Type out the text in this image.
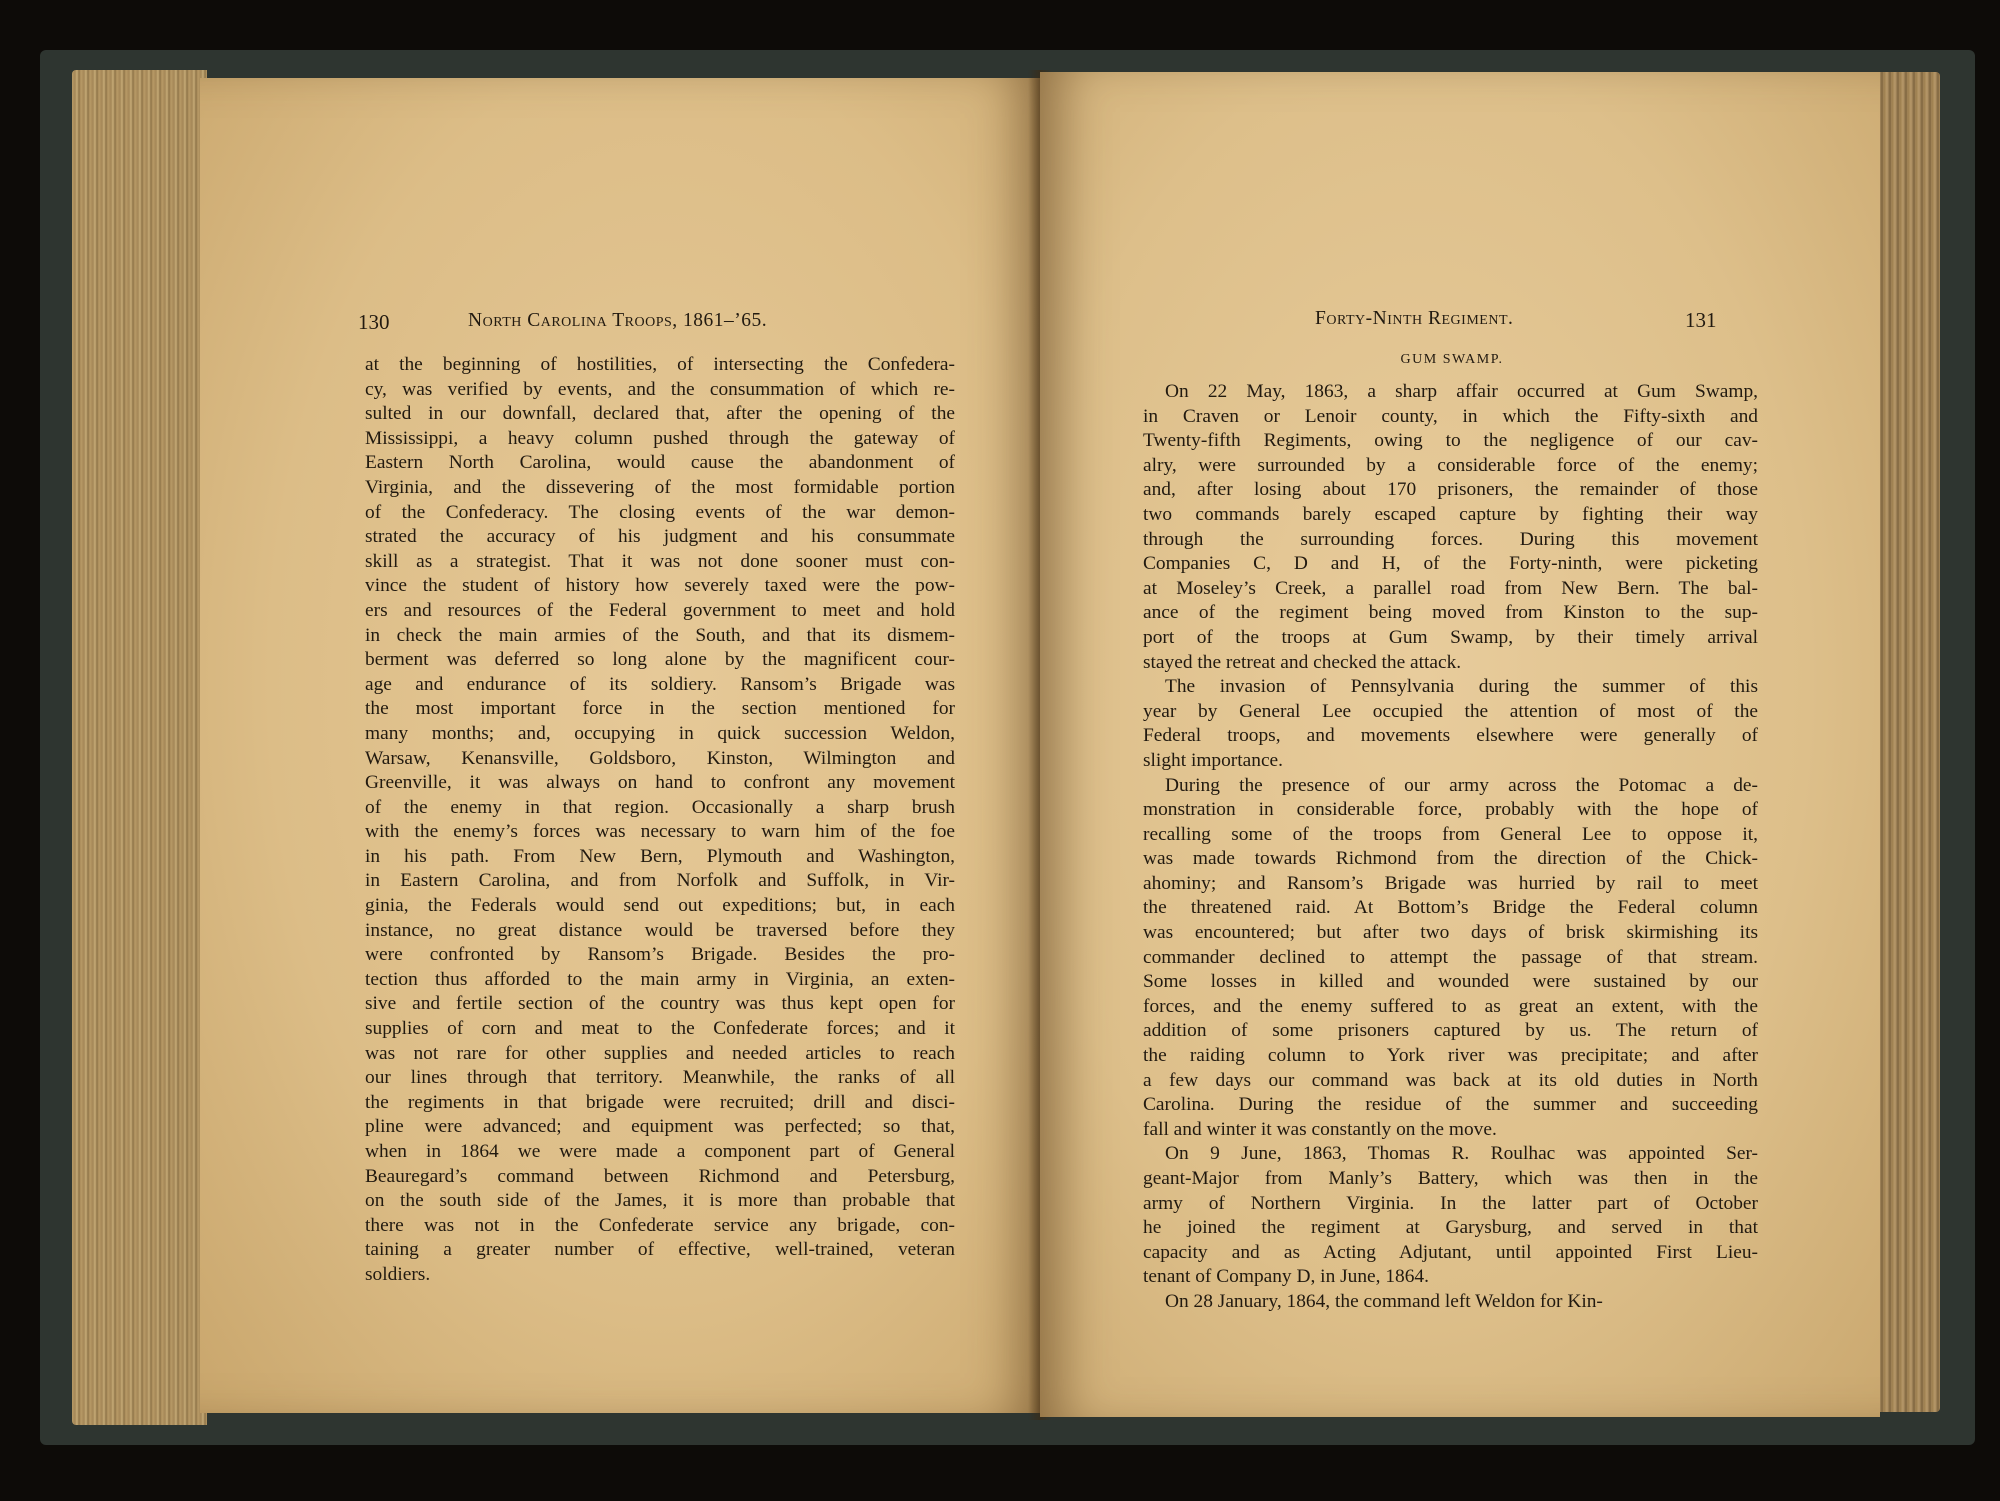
130	North Carolina Troops, 1861–’65.
at the beginning of hostilities, of intersecting the Confedera-
cy, was verified by events, and the consummation of which re-
sulted in our downfall, declared that, after the opening of the
Mississippi, a heavy column pushed through the gateway of
Eastern North Carolina, would cause the abandonment of
Virginia, and the dissevering of the most formidable portion
of the Confederacy. The closing events of the war demon-
strated the accuracy of his judgment and his consummate
skill as a strategist. That it was not done sooner must con-
vince the student of history how severely taxed were the pow-
ers and resources of the Federal government to meet and hold
in check the main armies of the South, and that its dismem-
berment was deferred so long alone by the magnificent cour-
age and endurance of its soldiery. Ransom’s Brigade was
the most important force in the section mentioned for
many months; and, occupying in quick succession Weldon,
Warsaw, Kenansville, Goldsboro, Kinston, Wilmington and
Greenville, it was always on hand to confront any movement
of the enemy in that region. Occasionally a sharp brush
with the enemy’s forces was necessary to warn him of the foe
in his path. From New Bern, Plymouth and Washington,
in Eastern Carolina, and from Norfolk and Suffolk, in Vir-
ginia, the Federals would send out expeditions; but, in each
instance, no great distance would be traversed before they
were confronted by Ransom’s Brigade. Besides the pro-
tection thus afforded to the main army in Virginia, an exten-
sive and fertile section of the country was thus kept open for
supplies of corn and meat to the Confederate forces; and it
was not rare for other supplies and needed articles to reach
our lines through that territory. Meanwhile, the ranks of all
the regiments in that brigade were recruited; drill and disci-
pline were advanced; and equipment was perfected; so that,
when in 1864 we were made a component part of General
Beauregard’s command between Richmond and Petersburg,
on the south side of the James, it is more than probable that
there was not in the Confederate service any brigade, con-
taining a greater number of effective, well-trained, veteran
soldiers.
Forty-Ninth Regiment.	131
GUM SWAMP.
On 22 May, 1863, a sharp affair occurred at Gum Swamp,
in Craven or Lenoir county, in which the Fifty-sixth and
Twenty-fifth Regiments, owing to the negligence of our cav-
alry, were surrounded by a considerable force of the enemy;
and, after losing about 170 prisoners, the remainder of those
two commands barely escaped capture by fighting their way
through the surrounding forces. During this movement
Companies C, D and H, of the Forty-ninth, were picketing
at Moseley’s Creek, a parallel road from New Bern. The bal-
ance of the regiment being moved from Kinston to the sup-
port of the troops at Gum Swamp, by their timely arrival
stayed the retreat and checked the attack.
The invasion of Pennsylvania during the summer of this
year by General Lee occupied the attention of most of the
Federal troops, and movements elsewhere were generally of
slight importance.
During the presence of our army across the Potomac a de-
monstration in considerable force, probably with the hope of
recalling some of the troops from General Lee to oppose it,
was made towards Richmond from the direction of the Chick-
ahominy; and Ransom’s Brigade was hurried by rail to meet
the threatened raid. At Bottom’s Bridge the Federal column
was encountered; but after two days of brisk skirmishing its
commander declined to attempt the passage of that stream.
Some losses in killed and wounded were sustained by our
forces, and the enemy suffered to as great an extent, with the
addition of some prisoners captured by us. The return of
the raiding column to York river was precipitate; and after
a few days our command was back at its old duties in North
Carolina. During the residue of the summer and succeeding
fall and winter it was constantly on the move.
On 9 June, 1863, Thomas R. Roulhac was appointed Ser-
geant-Major from Manly’s Battery, which was then in the
army of Northern Virginia. In the latter part of October
he joined the regiment at Garysburg, and served in that
capacity and as Acting Adjutant, until appointed First Lieu-
tenant of Company D, in June, 1864.
On 28 January, 1864, the command left Weldon for Kin-
